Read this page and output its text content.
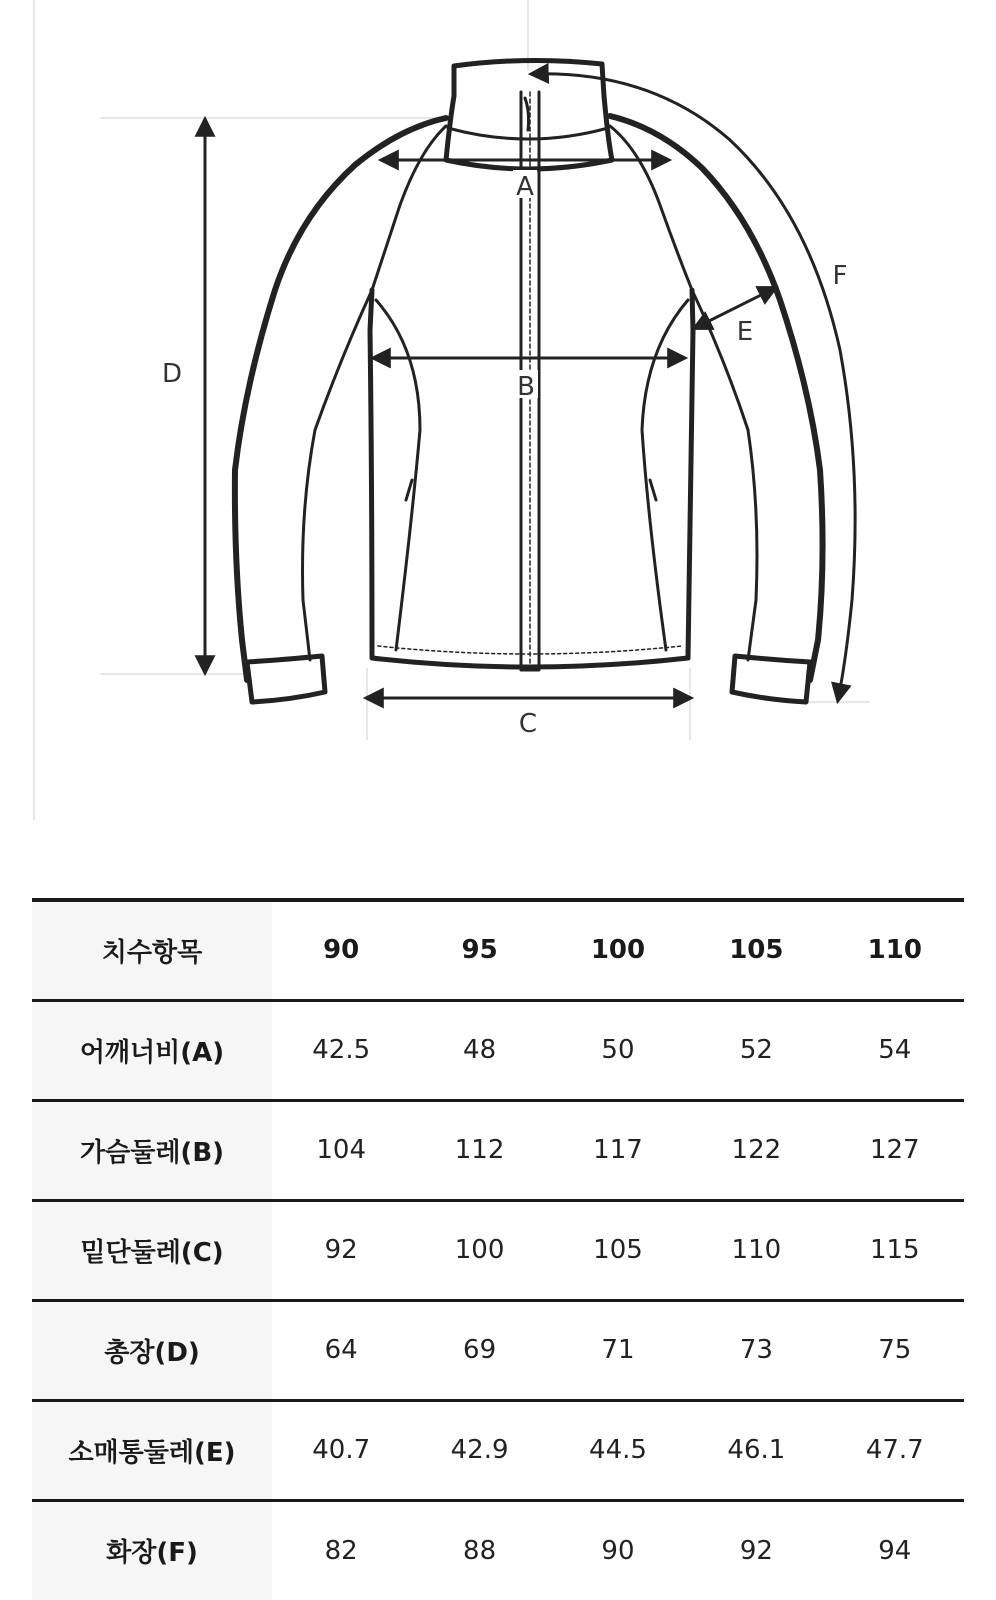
A
B
C
D
E
F
치수항목	90	95	100	105	110
어깨너비(A)	42.5	48	50	52	54
가슴둘레(B)	104	112	117	122	127
밑단둘레(C)	92	100	105	110	115
총장(D)	64	69	71	73	75
소매통둘레(E)	40.7	42.9	44.5	46.1	47.7
화장(F)	82	88	90	92	94
